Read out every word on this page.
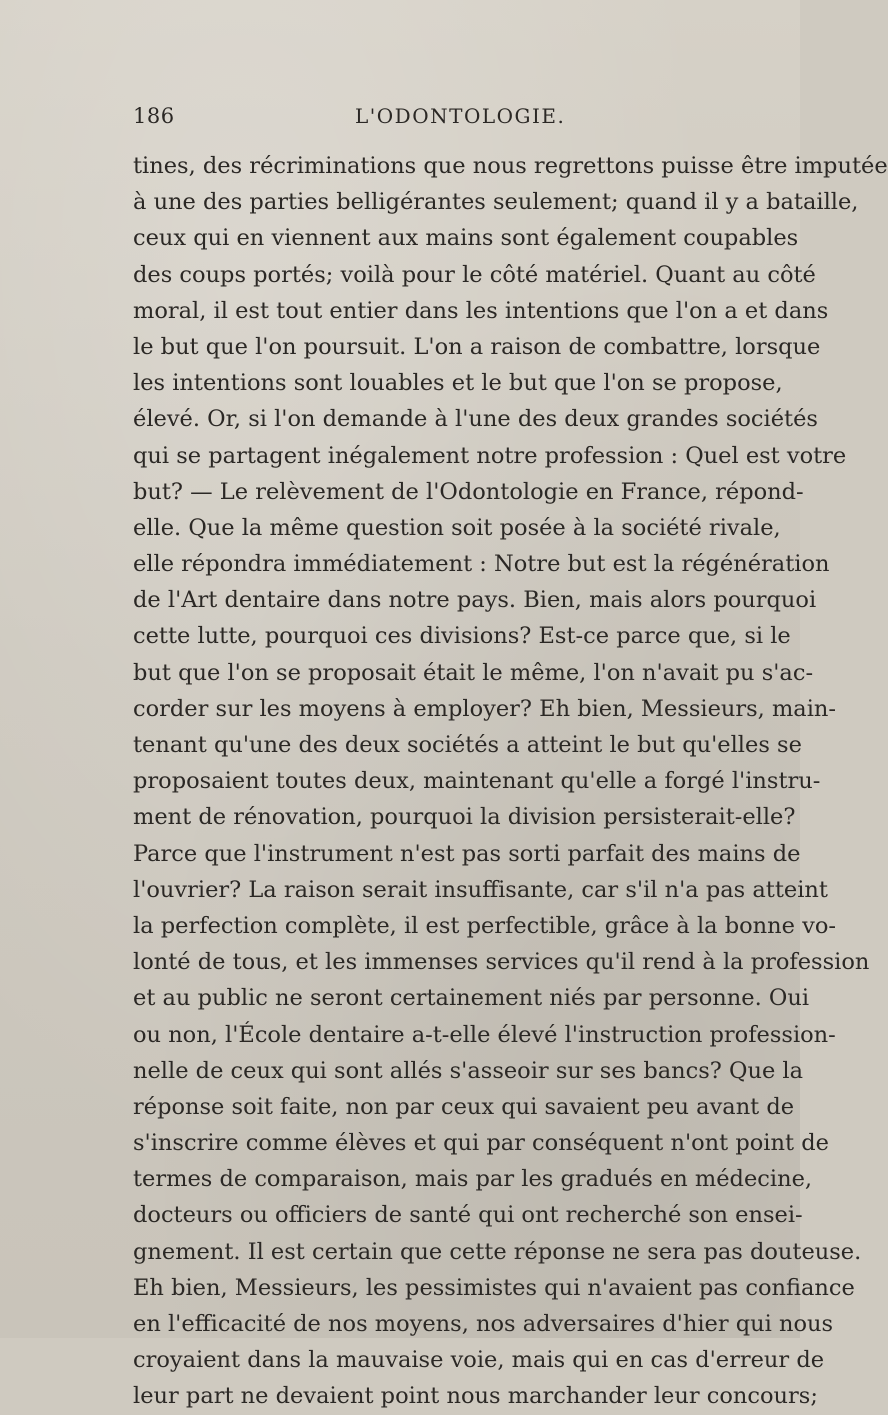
186	L'ODONTOLOGIE.
tines, des récriminations que nous regrettons puisse être imputée
à une des parties belligérantes seulement; quand il y a bataille,
ceux qui en viennent aux mains sont également coupables
des coups portés; voilà pour le côté matériel. Quant au côté
moral, il est tout entier dans les intentions que l'on a et dans
le but que l'on poursuit. L'on a raison de combattre, lorsque
les intentions sont louables et le but que l'on se propose,
élevé. Or, si l'on demande à l'une des deux grandes sociétés
qui se partagent inégalement notre profession : Quel est votre
but? — Le relèvement de l'Odontologie en France, répond-
elle. Que la même question soit posée à la société rivale,
elle répondra immédiatement : Notre but est la régénération
de l'Art dentaire dans notre pays. Bien, mais alors pourquoi
cette lutte, pourquoi ces divisions? Est-ce parce que, si le
but que l'on se proposait était le même, l'on n'avait pu s'ac-
corder sur les moyens à employer? Eh bien, Messieurs, main-
tenant qu'une des deux sociétés a atteint le but qu'elles se
proposaient toutes deux, maintenant qu'elle a forgé l'instru-
ment de rénovation, pourquoi la division persisterait-elle?
Parce que l'instrument n'est pas sorti parfait des mains de
l'ouvrier? La raison serait insuffisante, car s'il n'a pas atteint
la perfection complète, il est perfectible, grâce à la bonne vo-
lonté de tous, et les immenses services qu'il rend à la profession
et au public ne seront certainement niés par personne. Oui
ou non, l'École dentaire a-t-elle élevé l'instruction profession-
nelle de ceux qui sont allés s'asseoir sur ses bancs? Que la
réponse soit faite, non par ceux qui savaient peu avant de
s'inscrire comme élèves et qui par conséquent n'ont point de
termes de comparaison, mais par les gradués en médecine,
docteurs ou officiers de santé qui ont recherché son ensei-
gnement. Il est certain que cette réponse ne sera pas douteuse.
Eh bien, Messieurs, les pessimistes qui n'avaient pas confiance
en l'efficacité de nos moyens, nos adversaires d'hier qui nous
croyaient dans la mauvaise voie, mais qui en cas d'erreur de
leur part ne devaient point nous marchander leur concours;
